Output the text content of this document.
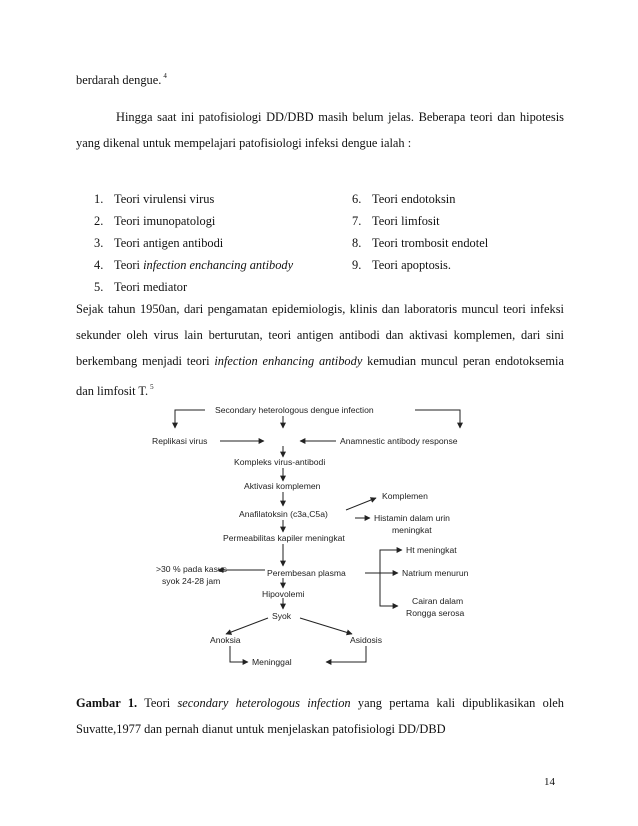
berdarah dengue. $^4$
Hingga saat ini patofisiologi DD/DBD masih belum jelas. Beberapa teori dan hipotesis
yang dikenal untuk mempelajari patofisiologi infeksi dengue ialah :
1. Teori virulensi virus
2. Teori imunopatologi
3. Teori antigen antibodi
4. Teori infection enchancing antibody
5. Teori mediator
6. Teori endotoksin
7. Teori limfosit
8. Teori trombosit endotel
9. Teori apoptosis.
Sejak tahun 1950an, dari pengamatan epidemiologis, klinis dan laboratoris muncul teori infeksi
sekunder oleh virus lain berturutan, teori antigen antibodi dan aktivasi komplemen, dari sini
berkembang menjadi teori infection enhancing antibody kemudian muncul peran endotoksemia
dan limfosit T. $^5$
Secondary heterologous dengue infection
Replikasi virus	Anamnestic antibody response
Kompleks virus-antibodi
Aktivasi komplemen
Anafilatoksin (c3a,C5a)
Komplemen
Histamin dalam urin
meningkat
Permeabilitas kapiler meningkat
>30 % pada kasus
syok 24-28 jam
Perembesan plasma
Ht meningkat
Natrium menurun
Cairan dalam
Rongga serosa
Hipovolemi
Syok
Anoksia	Asidosis
Meninggal
Gambar 1. Teori secondary heterologous infection yang pertama kali dipublikasikan oleh
Suvatte,1977 dan pernah dianut untuk menjelaskan patofisiologi DD/DBD
14
